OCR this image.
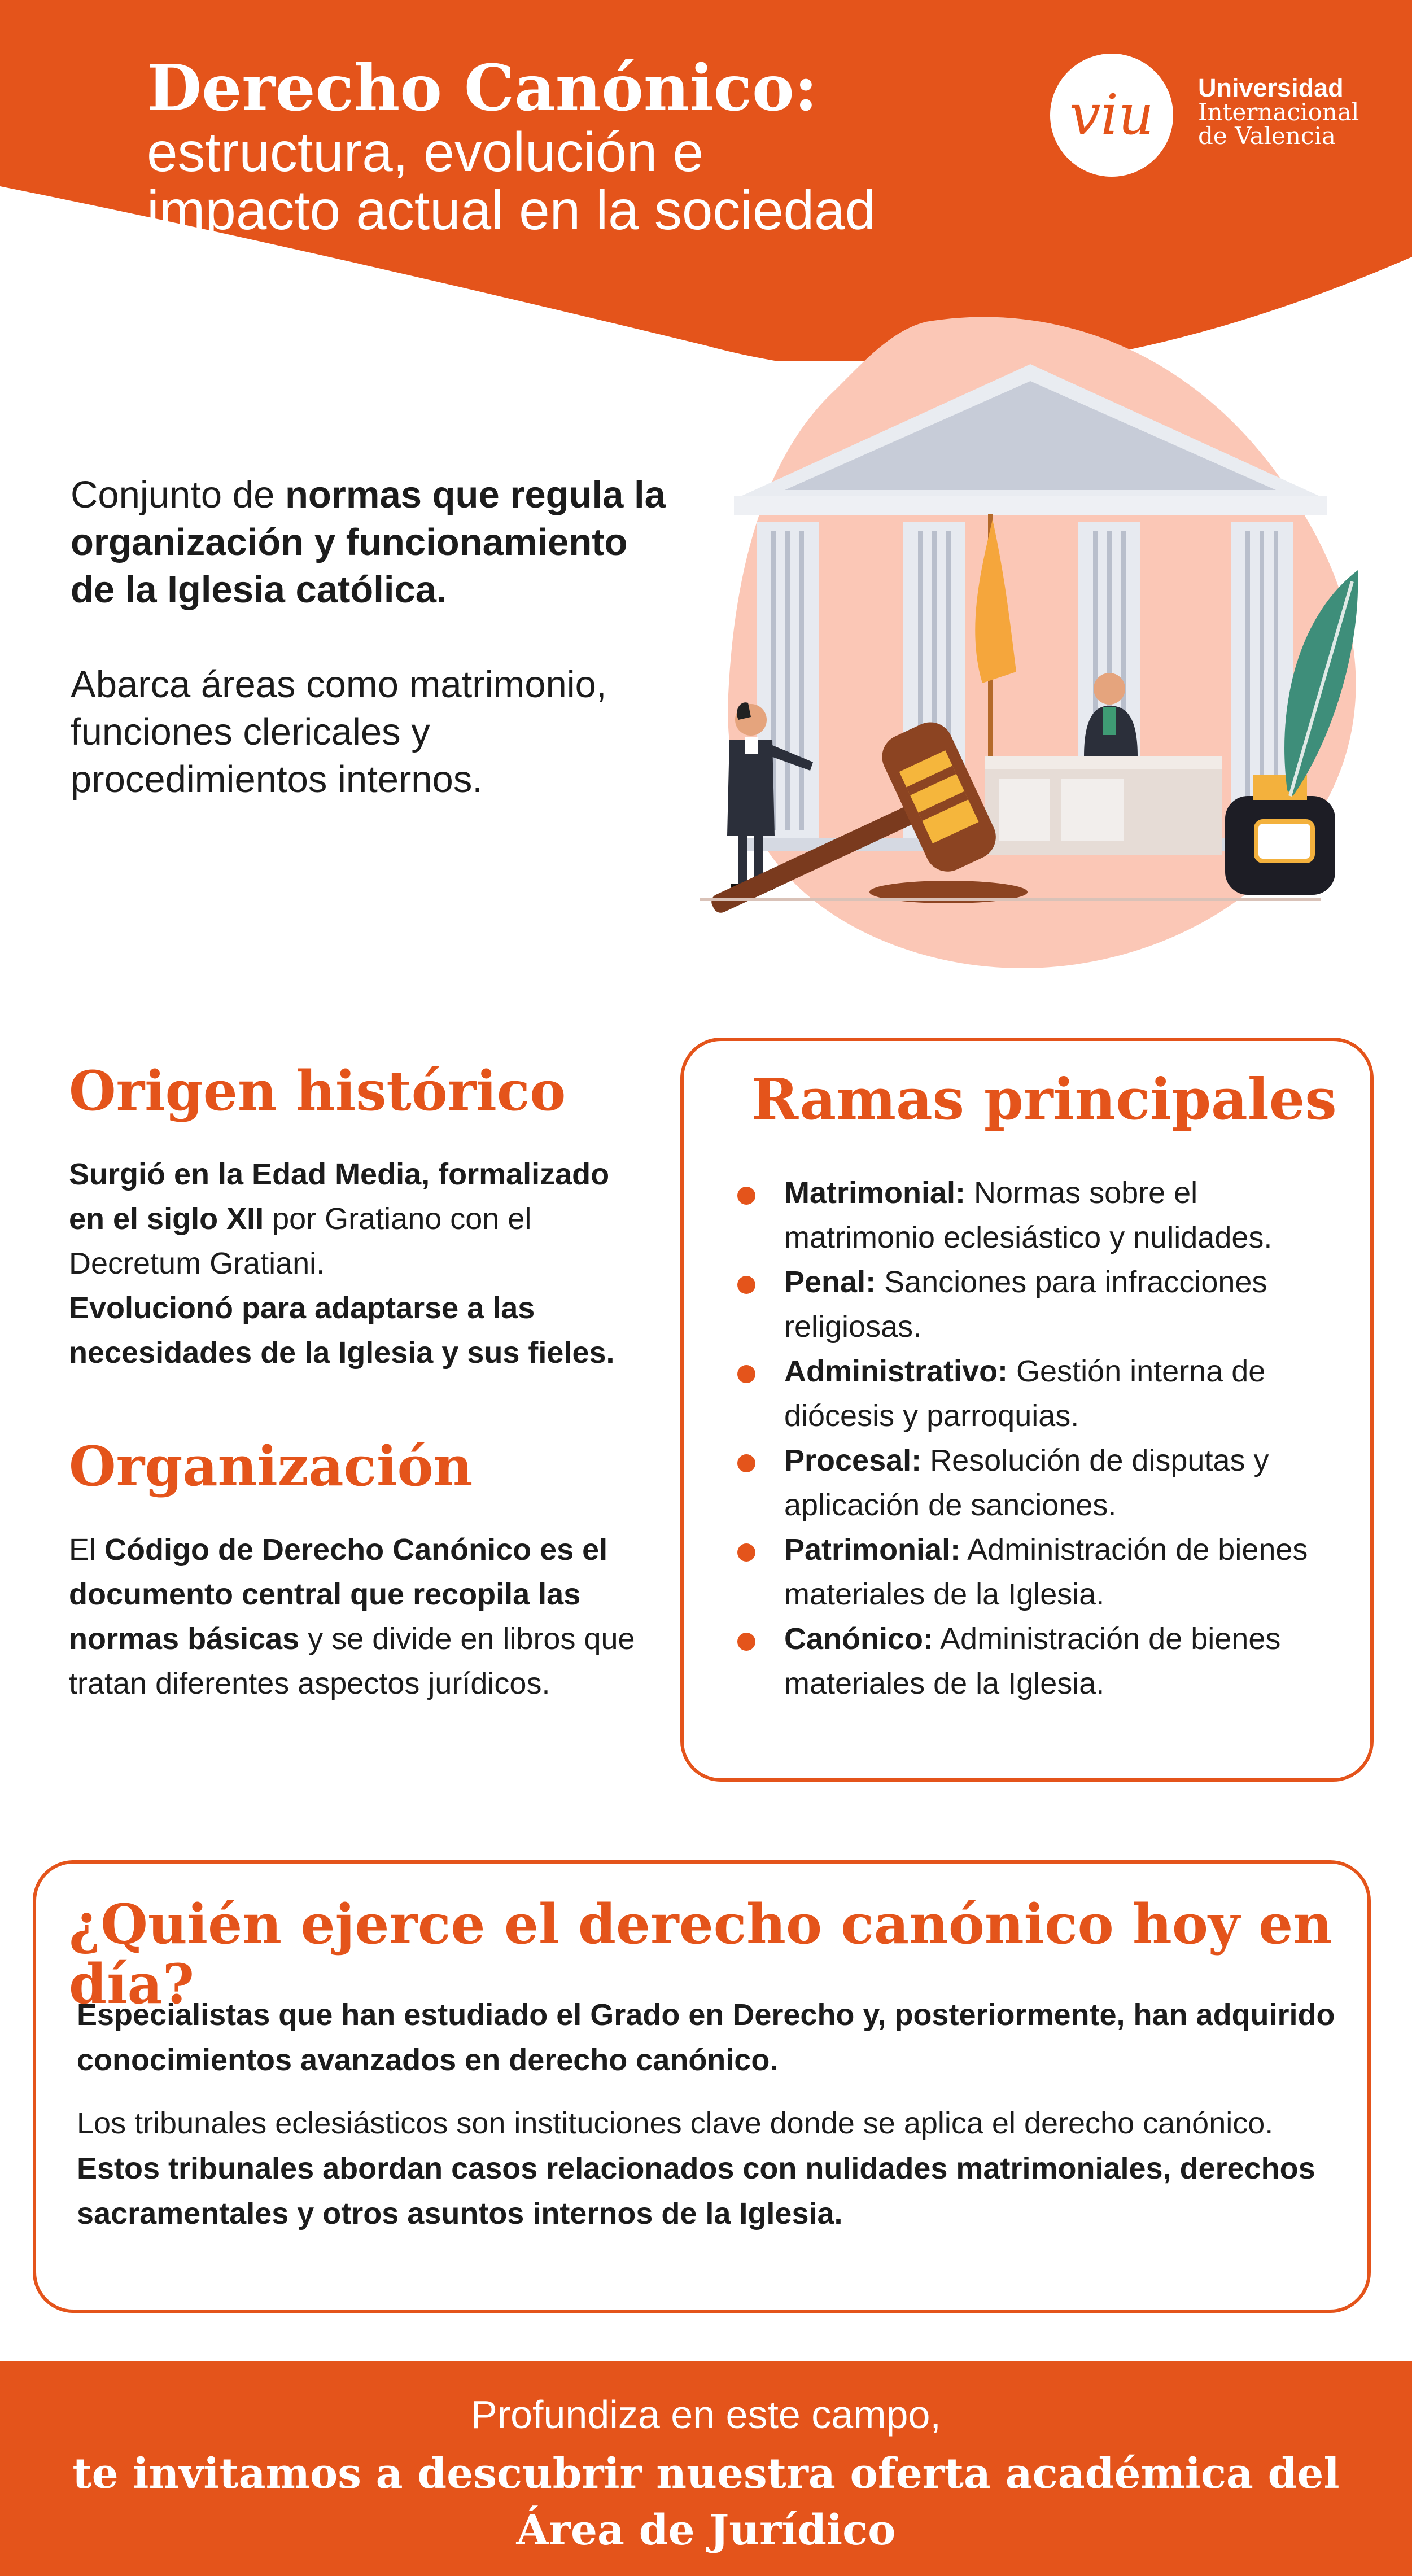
Derecho Canónico:
estructura, evolución e
impacto actual en la sociedad
viu Universidad
Internacional
de Valencia

Conjunto de normas que regula la organización y funcionamiento de la Iglesia católica.

Abarca áreas como matrimonio, funciones clericales y procedimientos internos.

Origen histórico
Surgió en la Edad Media, formalizado en el siglo XII por Gratiano con el Decretum Gratiani.
Evolucionó para adaptarse a las necesidades de la Iglesia y sus fieles.
Organización
El Código de Derecho Canónico es el documento central que recopila las normas básicas y se divide en libros que tratan diferentes aspectos jurídicos.
Ramas principales
Matrimonial: Normas sobre el matrimonio eclesiástico y nulidades.
Penal: Sanciones para infracciones religiosas.
Administrativo: Gestión interna de diócesis y parroquias.
Procesal: Resolución de disputas y aplicación de sanciones.
Patrimonial: Administración de bienes materiales de la Iglesia.
Canónico: Administración de bienes materiales de la Iglesia.
¿Quién ejerce el derecho canónico hoy en día?
Especialistas que han estudiado el Grado en Derecho y, posteriormente, han adquirido conocimientos avanzados en derecho canónico.
Los tribunales eclesiásticos son instituciones clave donde se aplica el derecho canónico. Estos tribunales abordan casos relacionados con nulidades matrimoniales, derechos sacramentales y otros asuntos internos de la Iglesia.
Profundiza en este campo,
te invitamos a descubrir nuestra oferta académica del
Área de Jurídico
